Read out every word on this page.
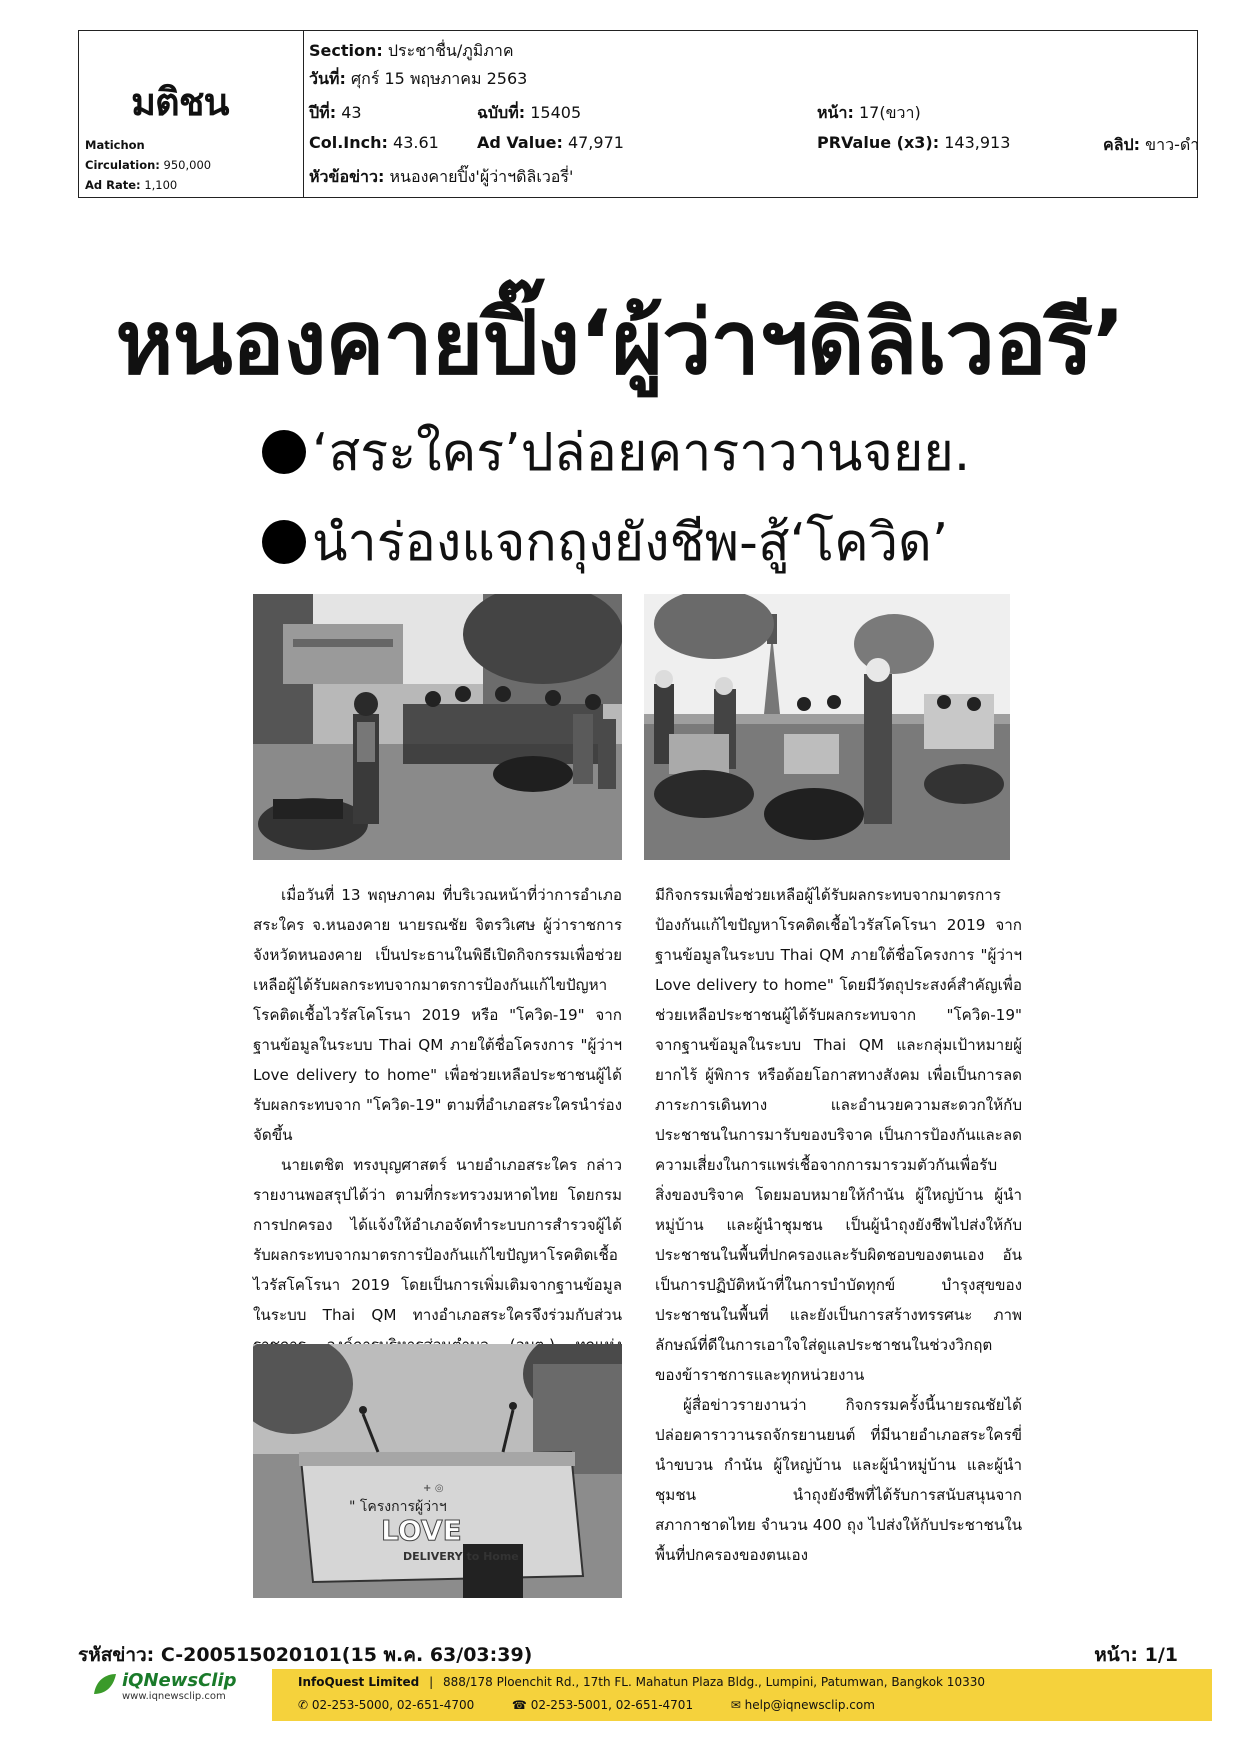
มติชน
Matichon
Circulation: 950,000
Ad Rate: 1,100
Section: ประชาชื่น/ภูมิภาค
วันที่: ศุกร์ 15 พฤษภาคม 2563
ปีที่: 43	ฉบับที่: 15405	หน้า: 17(ขวา)
Col.Inch: 43.61 Ad Value: 47,971	PRValue (x3): 143,913	คลิป: ขาว-ดำ
หัวข้อข่าว: หนองคายปิ๊ง'ผู้ว่าฯดิลิเวอรี่'
หนองคายปิ๊ง‘ผู้ว่าฯดิลิเวอรี’
‘สระใคร’ปล่อยคาราวานจยย.
นำร่องแจกถุงยังชีพ-สู้‘โควิด’

เมื่อวันที่ 13 พฤษภาคม ที่บริเวณหน้าที่ว่าการอำเภอสระใคร จ.หนองคาย นายรณชัย จิตรวิเศษ ผู้ว่าราชการจังหวัดหนองคาย เป็นประธานในพิธีเปิดกิจกรรมเพื่อช่วยเหลือผู้ได้รับผลกระทบจากมาตรการป้องกันแก้ไขปัญหาโรคติดเชื้อไวรัสโคโรนา 2019 หรือ "โควิด-19" จากฐานข้อมูลในระบบ Thai QM ภายใต้ชื่อโครงการ "ผู้ว่าฯ Love delivery to home" เพื่อช่วยเหลือประชาชนผู้ได้รับผลกระทบจาก "โควิด-19" ตามที่อำเภอสระใครนำร่องจัดขึ้น

นายเตชิต ทรงบุญศาสตร์ นายอำเภอสระใคร กล่าวรายงานพอสรุปได้ว่า ตามที่กระทรวงมหาดไทย โดยกรมการปกครอง ได้แจ้งให้อำเภอจัดทำระบบการสำรวจผู้ได้รับผลกระทบจากมาตรการป้องกันแก้ไขปัญหาโรคติดเชื้อไวรัสโคโรนา 2019 โดยเป็นการเพิ่มเติมจากฐานข้อมูลในระบบ Thai QM ทางอำเภอสระใครจึงร่วมกับส่วน

มีกิจกรรมเพื่อช่วยเหลือผู้ได้รับผลกระทบจากมาตรการป้องกันแก้ไขปัญหาโรคติดเชื้อไวรัสโคโรนา 2019 จากฐานข้อมูลในระบบ Thai QM ภายใต้ชื่อโครงการ "ผู้ว่าฯ Love delivery to home" โดยมีวัตถุประสงค์สำคัญเพื่อช่วยเหลือประชาชนผู้ได้รับผลกระทบจาก "โควิด-19" จากฐานข้อมูลในระบบ Thai QM และกลุ่มเป้าหมายผู้ยากไร้ ผู้พิการ หรือด้อยโอกาสทางสังคม เพื่อเป็นการลดภาระการเดินทาง และอำนวยความสะดวกให้กับประชาชนในการมารับของบริจาค เป็นการป้องกันและลดความเสี่ยงในการแพร่เชื้อจากการมารวมตัวกันเพื่อรับสิ่งของบริจาค โดยมอบหมายให้กำนัน ผู้ใหญ่บ้าน ผู้นำหมู่บ้าน และผู้นำชุมชน เป็นผู้นำถุงยังชีพไปส่งให้กับประชาชนในพื้นที่ปกครองและรับผิดชอบของตนเอง อันเป็นการปฏิบัติหน้าที่ในการบำบัดทุกข์ บำรุงสุขของประชาชนในพื้นที่ และยังเป็นการสร้างทรรศนะ ภาพลักษณ์ที่ดีในการเอาใจใส่ดูแลประชาชนในช่วงวิกฤต ของข้าราชการและทุกหน่วยงาน

ผู้สื่อข่าวรายงานว่า กิจกรรมครั้งนี้นายรณชัยได้ปล่อยคาราวานรถจักรยานยนต์ ที่มีนายอำเภอสระใครขี่นำขบวน กำนัน ผู้ใหญ่บ้าน และผู้นำหมู่บ้าน และผู้นำชุมชน นำถุงยังชีพที่ได้รับการสนับสนุนจากสภากาชาดไทย จำนวน 400 ถุง ไปส่งให้กับประชาชนในพื้นที่ปกครองของตนเอง

+ ◎
" โครงการผู้ว่าฯ
LOVE
DELIVERY to Home
รหัสข่าว: C-200515020101(15 พ.ค. 63/03:39)	หน้า: 1/1
iQNewsClip
www.iqnewsclip.com
InfoQuest Limited | 888/178 Ploenchit Rd., 17th FL. Mahatun Plaza Bldg., Lumpini, Patumwan, Bangkok 10330
✆ 02-253-5000, 02-651-4700	☎ 02-253-5001, 02-651-4701	✉ help@iqnewsclip.com
